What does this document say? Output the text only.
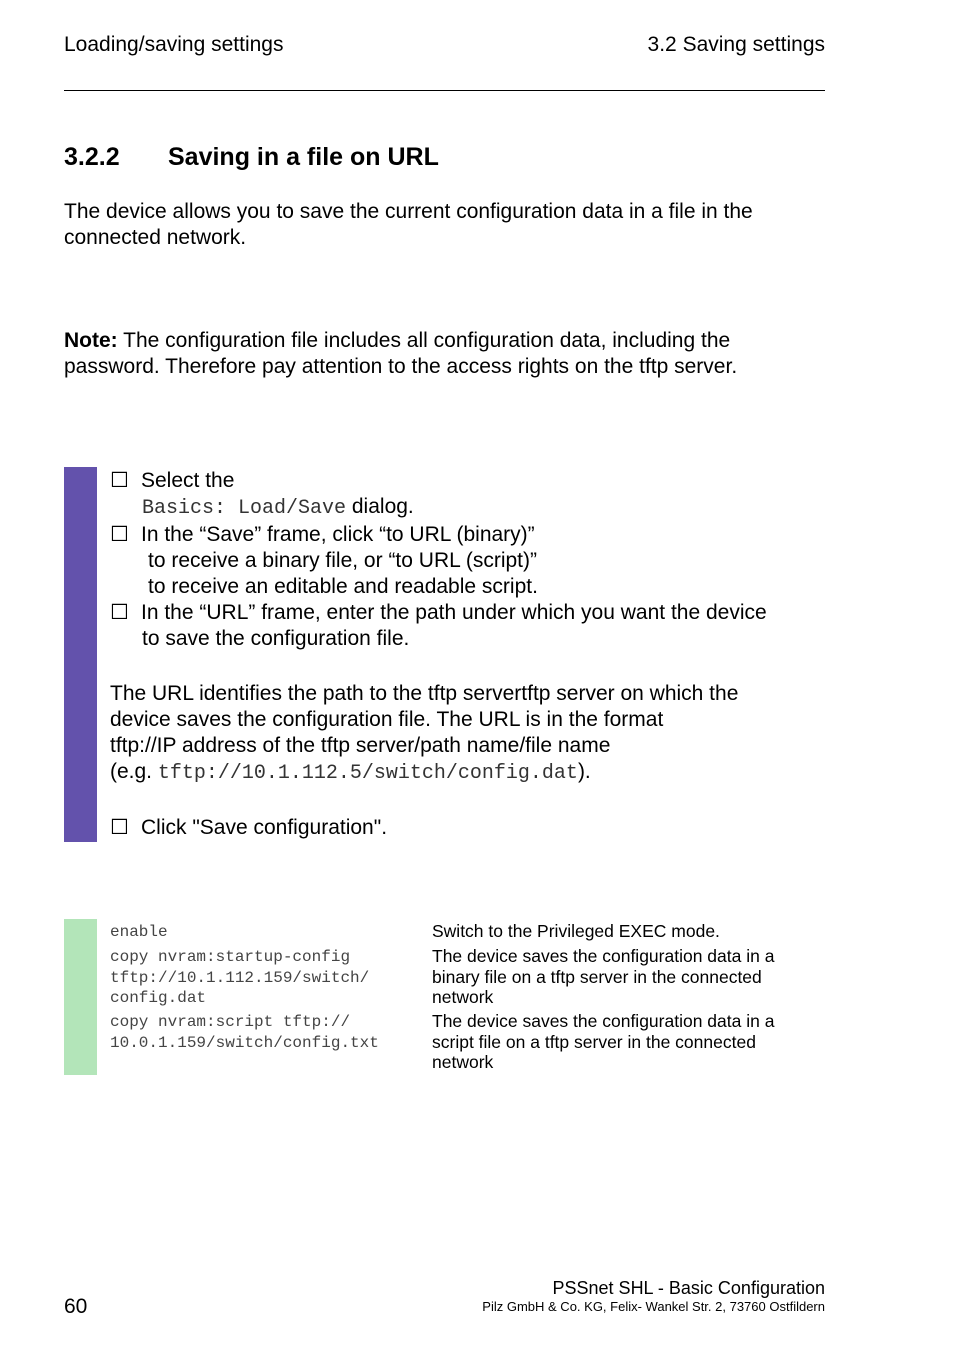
Loading/saving settings	3.2 Saving settings
3.2.2 Saving in a file on URL
The device allows you to save the current configuration data in a file in the
connected network.
Note: The configuration file includes all configuration data, including the
password. Therefore pay attention to the access rights on the tftp server.
☐ Select the
Basics: Load/Save dialog.
☐ In the “Save” frame, click “to URL (binary)”
to receive a binary file, or “to URL (script)”
to receive an editable and readable script.
☐ In the “URL” frame, enter the path under which you want the device
to save the configuration file.
The URL identifies the path to the tftp servertftp server on which the
device saves the configuration file. The URL is in the format
tftp://IP address of the tftp server/path name/file name
(e.g. tftp://10.1.112.5/switch/config.dat).
☐ Click "Save configuration".
enable	Switch to the Privileged EXEC mode.
copy nvram:startup-config
tftp://10.1.112.159/switch/
config.dat
The device saves the configuration data in a binary file on a tftp server in the connected network
copy nvram:script tftp://
10.0.1.159/switch/config.txt
The device saves the configuration data in a script file on a tftp server in the connected network
60
PSSnet SHL - Basic Configuration
Pilz GmbH & Co. KG, Felix- Wankel Str. 2, 73760 Ostfildern
